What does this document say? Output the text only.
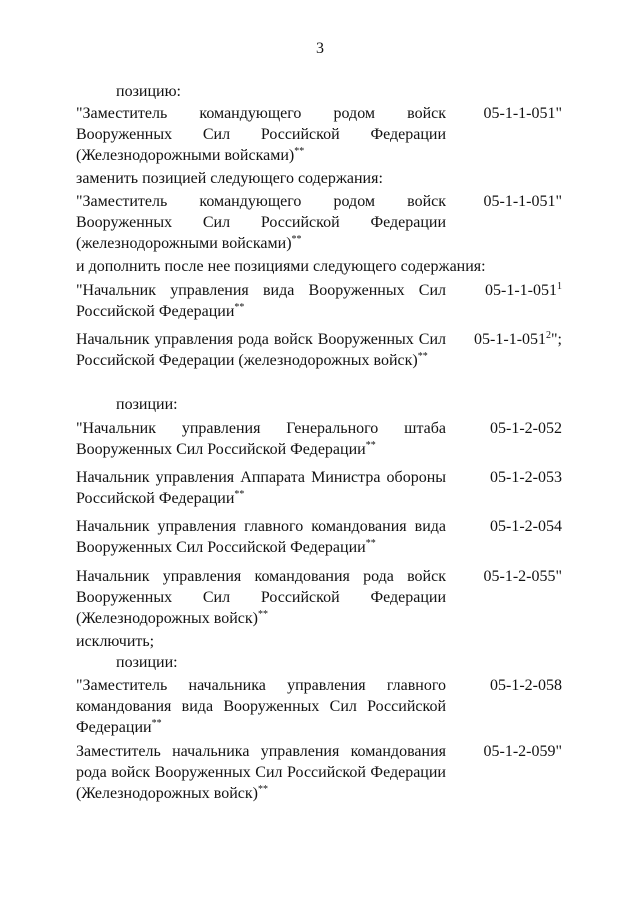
3
позицию:
"Заместитель командующего родом войск Вооруженных Сил Российской Федерации (Железнодорожными войсками)**
05-1-1-051"
заменить позицией следующего содержания:
"Заместитель командующего родом войск Вооруженных Сил Российской Федерации (железнодорожными войсками)**
05-1-1-051"
и дополнить после нее позициями следующего содержания:
"Начальник управления вида Вооруженных Сил Российской Федерации**
$05-1-1-051^1$
Начальник управления рода войск Вооруженных Сил Российской Федерации (железнодорожных войск)**
$05-1-1-051^2$";
позиции:
"Начальник управления Генерального штаба Вооруженных Сил Российской Федерации**
05-1-2-052
Начальник управления Аппарата Министра обороны Российской Федерации**
05-1-2-053
Начальник управления главного командования вида Вооруженных Сил Российской Федерации**
05-1-2-054
Начальник управления командования рода войск Вооруженных Сил Российской Федерации (Железнодорожных войск)**
05-1-2-055"
исключить;
позиции:
"Заместитель начальника управления главного командования вида Вооруженных Сил Российской Федерации**
05-1-2-058
Заместитель начальника управления командования рода войск Вооруженных Сил Российской Федерации (Железнодорожных войск)**
05-1-2-059"
